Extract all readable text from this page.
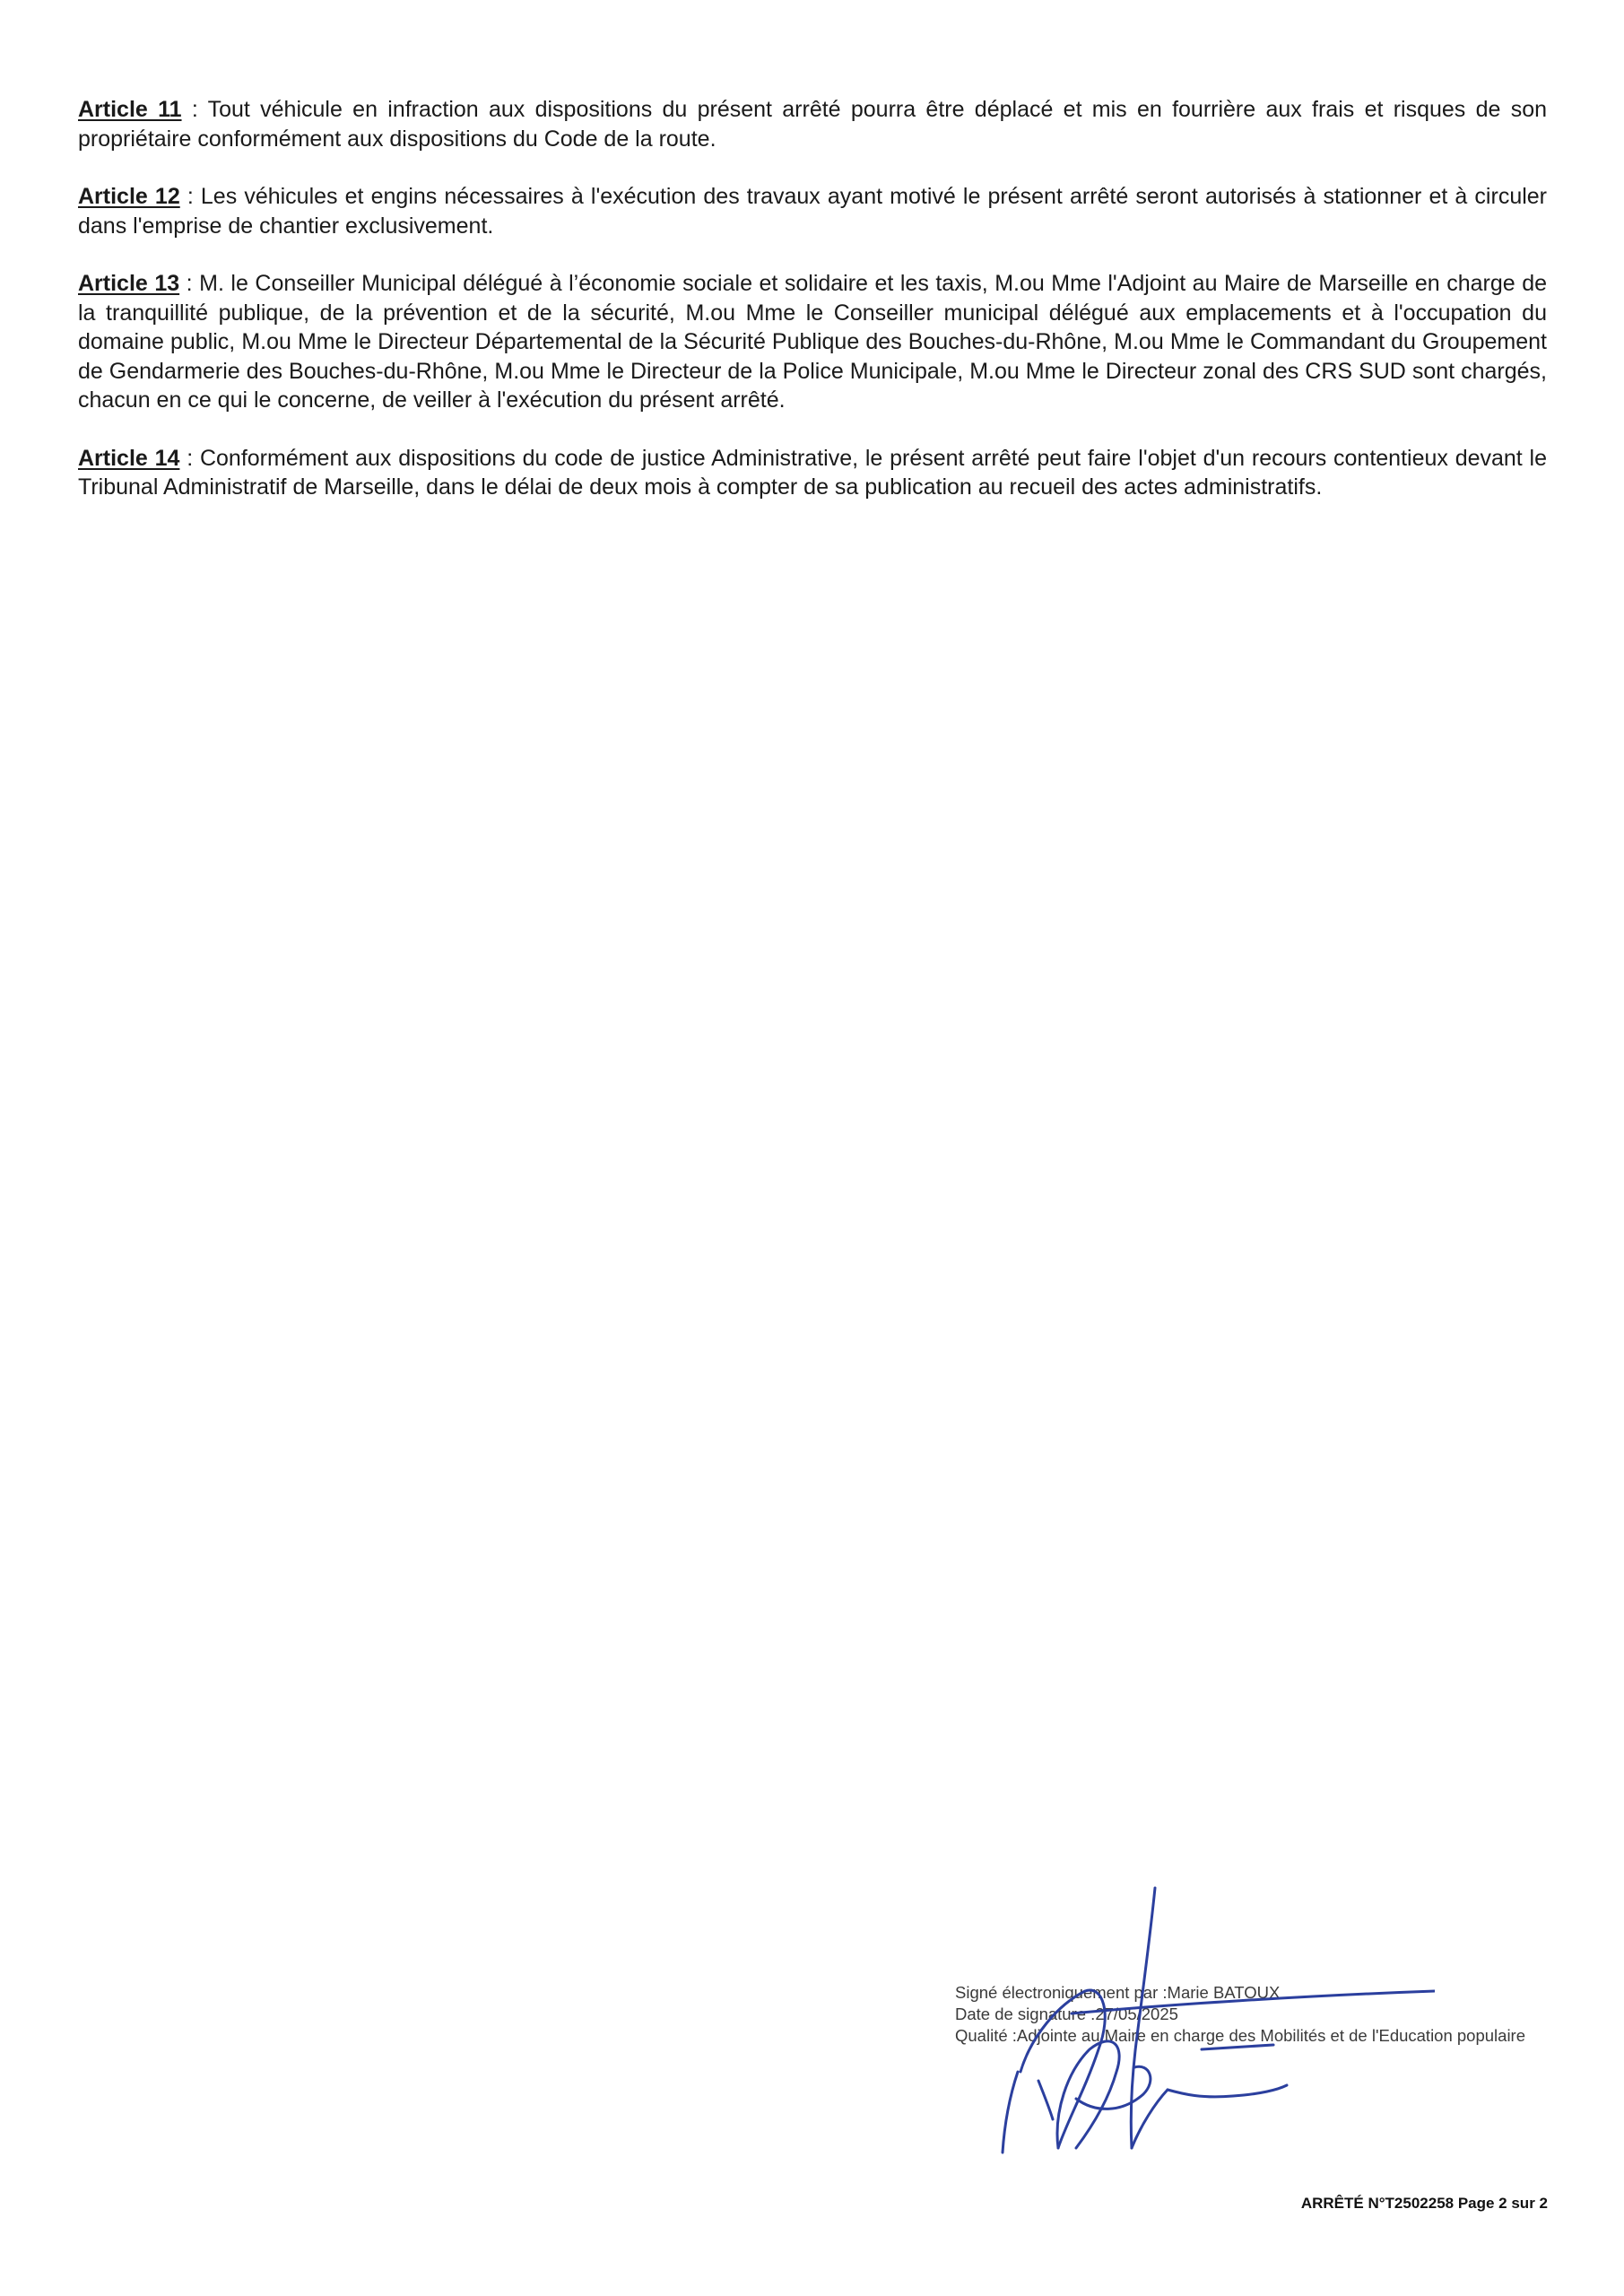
Article 11 : Tout véhicule en infraction aux dispositions du présent arrêté pourra être déplacé et mis en fourrière aux frais et risques de son propriétaire conformément aux dispositions du Code de la route.

Article 12 : Les véhicules et engins nécessaires à l'exécution des travaux ayant motivé le présent arrêté seront autorisés à stationner et à circuler dans l'emprise de chantier exclusivement.

Article 13 : M. le Conseiller Municipal délégué à l’économie sociale et solidaire et les taxis, M.ou Mme l'Adjoint au Maire de Marseille en charge de la tranquillité publique, de la prévention et de la sécurité, M.ou Mme le Conseiller municipal délégué aux emplacements et à l'occupation du domaine public, M.ou Mme le Directeur Départemental de la Sécurité Publique des Bouches-du-Rhône, M.ou Mme le Commandant du Groupement de Gendarmerie des Bouches-du-Rhône, M.ou Mme le Directeur de la Police Municipale, M.ou Mme le Directeur zonal des CRS SUD sont chargés, chacun en ce qui le concerne, de veiller à l'exécution du présent arrêté.

Article 14 : Conformément aux dispositions du code de justice Administrative, le présent arrêté peut faire l'objet d'un recours contentieux devant le Tribunal Administratif de Marseille, dans le délai de deux mois à compter de sa publication au recueil des actes administratifs.

Signé électroniquement par : Marie BATOUX
Date de signature : 27/05/2025
Qualité : Adjointe au Maire en charge des Mobilités et de l'Education populaire
ARRÊTÉ N°T2502258 Page 2 sur 2
